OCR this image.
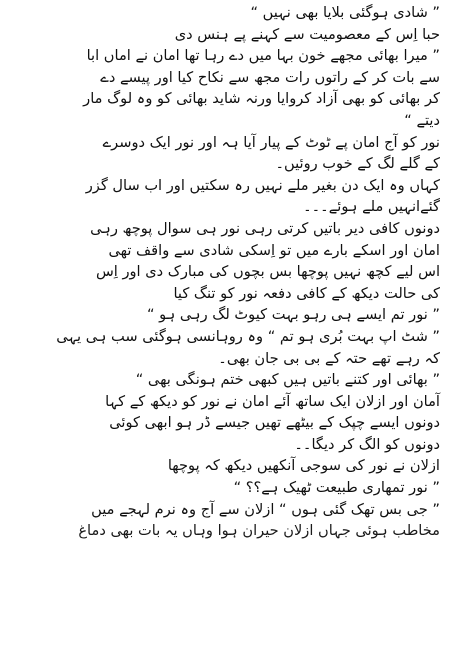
” شادی ہوگئی بلایا بھی نہیں “
حبا اِس کے معصومیت سے کہنے پے ہنس دی
” میرا بھائی مجھے خون بہا میں دے رہا تھا امان نے اماں ابا
سے بات کر کے راتوں رات مجھ سے نکاح کیا اور پیسے دے
کر بھائی کو بھی آزاد کروایا ورنہ شاید بھائی کو وہ لوگ مار
دیتے “
نور کو آج امان پے ٹوٹ کے پیار آیا ہہ اور نور ایک دوسرے
کے گلے لگ کے خوب روئیں۔
کہاں وہ ایک دن بغیر ملے نہیں رہ سکتیں اور اب سال گزر
گئےانہیں ملے ہوئے۔۔۔
دونوں کافی دیر باتیں کرتی رہی نور ہی سوال پوچھ رہی
امان اور اسکے بارے میں تو اِسکی شادی سے واقف تھی
اس لیے کچھ نہیں پوچھا بس بچوں کی مبارک دی اور اِس
کی حالت دیکھ کے کافی دفعہ نور کو تنگ کیا
” نور تم ایسے ہی رہو بہت کیوٹ لگ رہی ہو “
” شٹ اپ بہت بُری ہو تم “ وہ روہانسی ہوگئی سب ہی یہی
کہ رہے تھے حتہ کے بی بی جان بھی۔
” بھائی اور کتنے باتیں ہیں کبھی ختم ہونگی بھی “
آمان اور ازلان ایک ساتھ آئے امان نے نور کو دیکھ کے کہا
دونوں ایسے چپک کے بیٹھے تھیں جیسے ڈر ہو ابھی کوئی
دونوں کو الگ کر دیگا۔۔
ازلان نے نور کی سوجی آنکھیں دیکھ کہ پوچھا
” نور تمھاری طبیعت ٹھیک ہے؟؟ “
” جی بس تھک گئی ہوں “ ازلان سے آج وہ نرم لہجے میں
مخاطب ہوئی جہاں ازلان حیران ہوا وہاں یہ بات بھی دماغ
